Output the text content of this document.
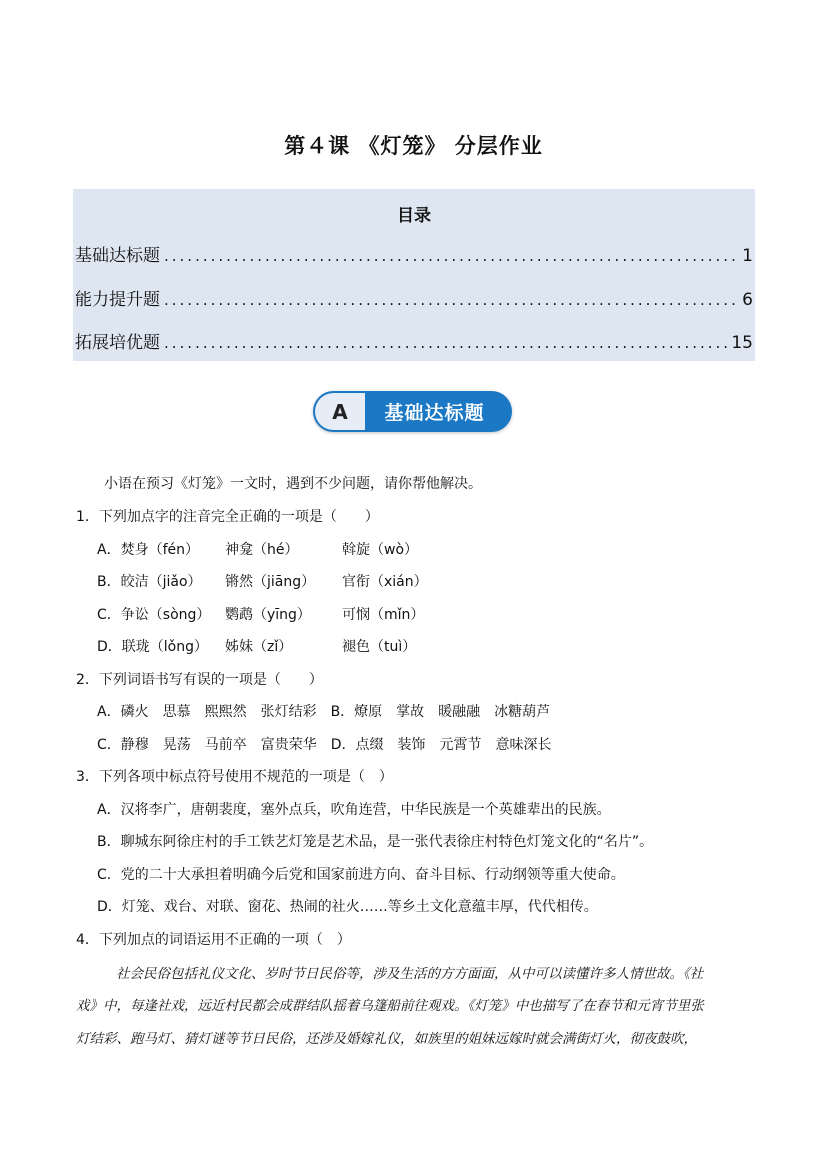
第４课 《灯笼》 分层作业
目录
基础达标题 .....	1
能力提升题 .....	6
拓展培优题 .....	15
A	基础达标题
小语在预习《灯笼》一文时，遇到不少问题，请你帮他解决。
1．下列加点字的注音完全正确的一项是（　　）
A．焚身（fén） 神龛（hé）	斡旋（wò）
B．皎洁（jiǎo） 锵然（jiāng） 官衔（xián）
C．争讼（sòng） 鹦鹉（yīng） 可悯（mǐn）
D．联珑（lǒng） 姊妹（zǐ）	褪色（tuì）
2．下列词语书写有误的一项是（　　）
A．磷火　思慕　熙熙然　张灯结彩　B．燎原　掌故　暖融融　冰糖葫芦
C．静穆　晃荡　马前卒　富贵荣华　D．点缀　装饰　元霄节　意味深长
3．下列各项中标点符号使用不规范的一项是（　）
A．汉将李广，唐朝裴度，塞外点兵，吹角连营，中华民族是一个英雄辈出的民族。
B．聊城东阿徐庄村的手工铁艺灯笼是艺术品，是一张代表徐庄村特色灯笼文化的“名片”。
C．党的二十大承担着明确今后党和国家前进方向、奋斗目标、行动纲领等重大使命。
D．灯笼、戏台、对联、窗花、热闹的社火……等乡土文化意蕴丰厚，代代相传。
4．下列加点的词语运用不正确的一项（　）
社会民俗包括礼仪文化、岁时节日民俗等，涉及生活的方方面面，从中可以读懂许多人情世故。《社
戏》中，每逢社戏，远近村民都会成群结队摇着乌篷船前往观戏。《灯笼》中也描写了在春节和元宵节里张
灯结彩、跑马灯、猜灯谜等节日民俗，还涉及婚嫁礼仪，如族里的姐妹远嫁时就会满街灯火，彻夜鼓吹，
